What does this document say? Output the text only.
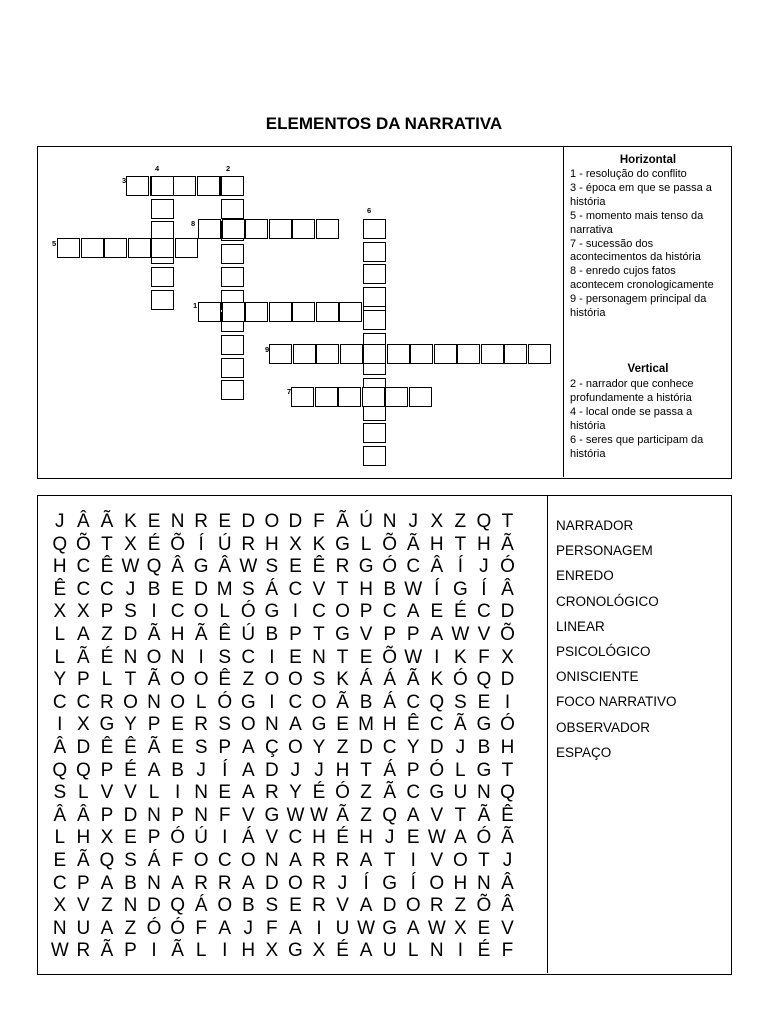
ELEMENTOS DA NARRATIVA
1
2
3
4
5
6
7
8
9
Horizontal
1 - resolução do conflito
3 - época em que se passa a história
5 - momento mais tenso da narrativa
7 - sucessão dos acontecimentos da história
8 - enredo cujos fatos acontecem cronologicamente
9 - personagem principal da história
Vertical
2 - narrador que conhece profundamente a história
4 - local onde se passa a história
6 - seres que participam da história
J Â Ã K E N R E D O D F Ã Ú N J X Z Q T
Q Õ T X É Õ Í Ú R H X K G L Õ Ã H T H Ã
H C Ê W Q Â G Â W S E Ê R G Ó C Â Í J Ó
Ê C C J B E D M S Á C V T H B W Í G Í Â
X X P S I C O L Ó G I C O P C A E É C D
L A Z D Ã H Ã Ê Ú B P T G V P P A W V Õ
L Ã É N O N I S C I E N T E Õ W I K F X
Y P L T Ã O O Ê Z O O S K Á Á Ã K Ó Q D
C C R O N O L Ó G I C O Ã B Á C Q S E I
I X G Y P E R S O N A G E M H Ê C Ã G Ó
Â D Ê Ê Ã E S P A Ç O Y Z D C Y D J B H
Q Q P É A B J Í A D J J H T Á P Ó L G T
S L V V L I N E A R Y É Ó Z Ã C G U N Q
Â Â P D N P N F V G W W Ã Z Q A V T Ã Ê
L H X E P Ó Ú I Á V C H É H J E W A Ó Ã
E Ã Q S Á F O C O N A R R A T I V O T J
C P A B N A R R A D O R J Í G Í O H N Â
X V Z N D Q Á O B S E R V A D O R Z Õ Â
N U A Z Ó Ó F A J F A I U W G A W X E V
W R Ã P I Ã L I H X G X É A U L N I É F
NARRADOR
PERSONAGEM
ENREDO
CRONOLÓGICO
LINEAR
PSICOLÓGICO
ONISCIENTE
FOCO NARRATIVO
OBSERVADOR
ESPAÇO
